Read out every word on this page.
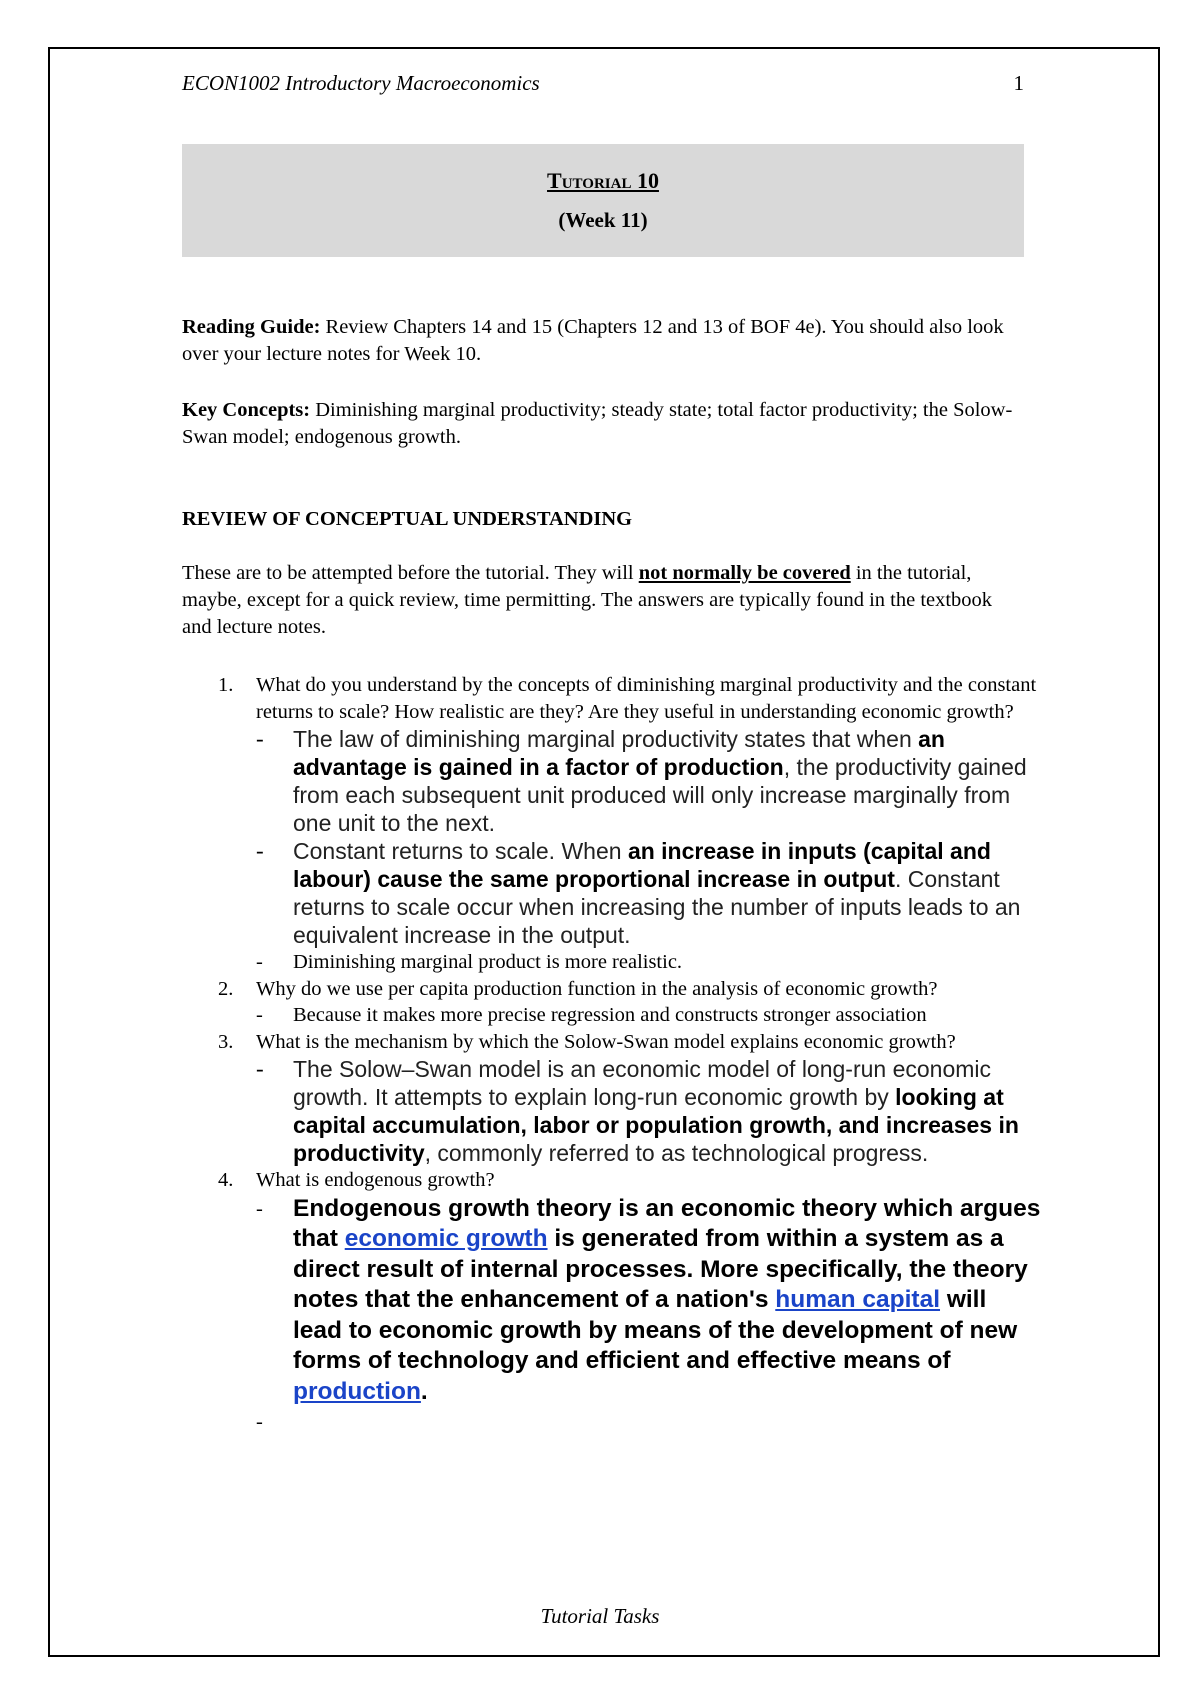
ECON1002 Introductory Macroeconomics	1
Tutorial 10
(Week 11)
Reading Guide: Review Chapters 14 and 15 (Chapters 12 and 13 of BOF 4e). You should also look over your lecture notes for Week 10.
Key Concepts: Diminishing marginal productivity; steady state; total factor productivity; the Solow-Swan model; endogenous growth.
REVIEW OF CONCEPTUAL UNDERSTANDING
These are to be attempted before the tutorial. They will not normally be covered in the tutorial, maybe, except for a quick review, time permitting. The answers are typically found in the textbook and lecture notes.
1. What do you understand by the concepts of diminishing marginal productivity and the constant returns to scale? How realistic are they? Are they useful in understanding economic growth?
- The law of diminishing marginal productivity states that when an advantage is gained in a factor of production, the productivity gained from each subsequent unit produced will only increase marginally from one unit to the next.
- Constant returns to scale. When an increase in inputs (capital and labour) cause the same proportional increase in output. Constant returns to scale occur when increasing the number of inputs leads to an equivalent increase in the output.
- Diminishing marginal product is more realistic.
2. Why do we use per capita production function in the analysis of economic growth?
- Because it makes more precise regression and constructs stronger association
3. What is the mechanism by which the Solow-Swan model explains economic growth?
- The Solow–Swan model is an economic model of long-run economic growth. It attempts to explain long-run economic growth by looking at capital accumulation, labor or population growth, and increases in productivity, commonly referred to as technological progress.
4. What is endogenous growth?
- Endogenous growth theory is an economic theory which argues that economic growth is generated from within a system as a direct result of internal processes. More specifically, the theory notes that the enhancement of a nation's human capital will lead to economic growth by means of the development of new forms of technology and efficient and effective means of production.
-
Tutorial Tasks
